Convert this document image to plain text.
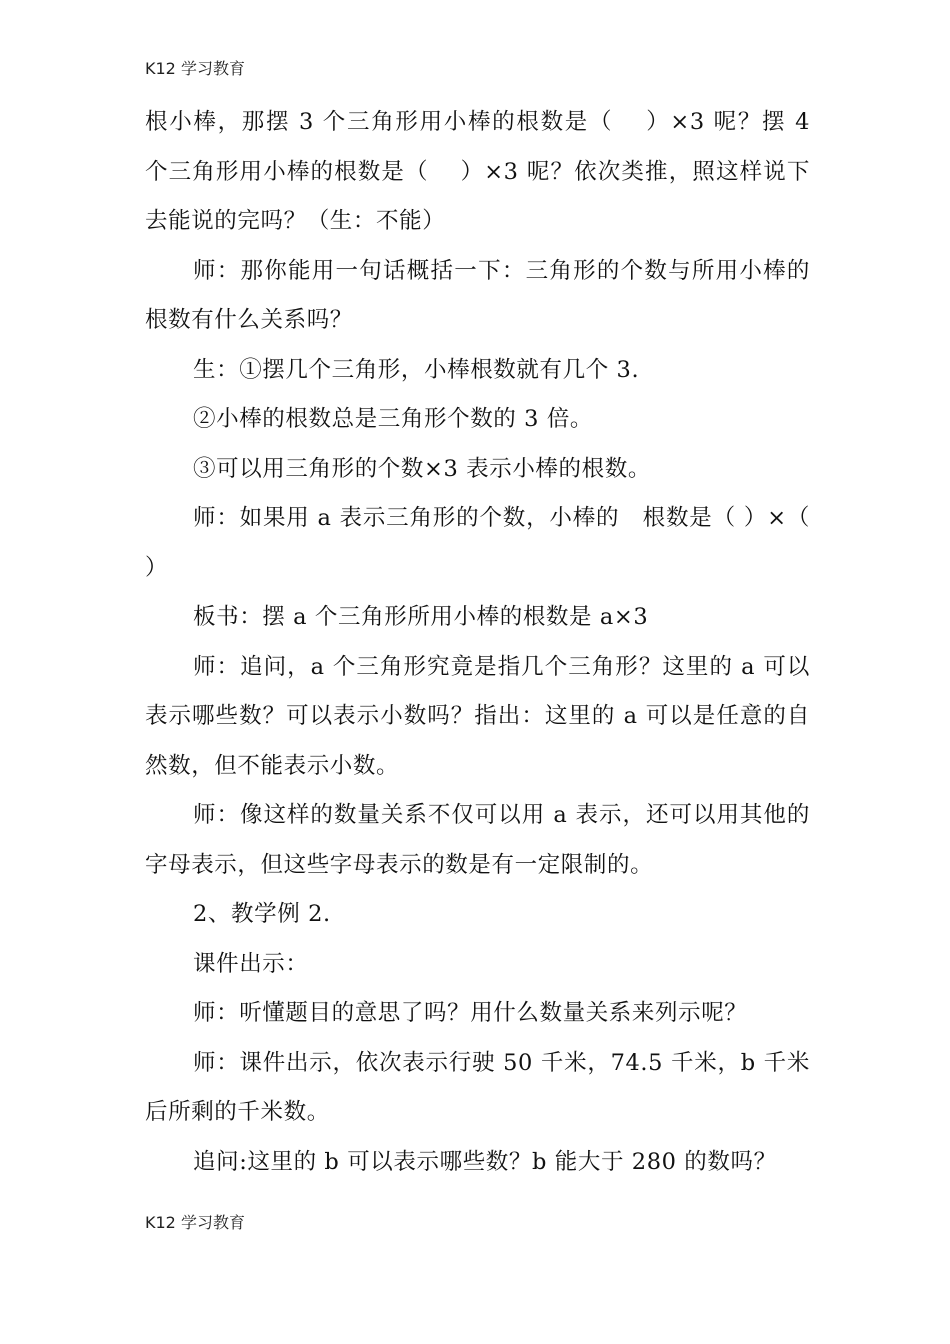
K12 学习教育

根小棒，那摆 3 个三角形用小棒的根数是（　 ）×3 呢？摆 4 个三角形用小棒的根数是（　 ）×3 呢？依次类推，照这样说下去能说的完吗？（生：不能）

师：那你能用一句话概括一下：三角形的个数与所用小棒的根数有什么关系吗？

生：①摆几个三角形，小棒根数就有几个 3.

②小棒的根数总是三角形个数的 3 倍。

③可以用三角形的个数×3 表示小棒的根数。

师：如果用 a 表示三角形的个数，小棒的　根数是（ ）×（　 ）

板书：摆 a 个三角形所用小棒的根数是 a×3

师：追问，a 个三角形究竟是指几个三角形？这里的 a 可以表示哪些数？可以表示小数吗？指出：这里的 a 可以是任意的自然数，但不能表示小数。

师：像这样的数量关系不仅可以用 a 表示，还可以用其他的字母表示，但这些字母表示的数是有一定限制的。

2、教学例 2.

课件出示：

师：听懂题目的意思了吗？用什么数量关系来列示呢？

师：课件出示，依次表示行驶 50 千米，74.5 千米，b 千米后所剩的千米数。

追问:这里的 b 可以表示哪些数？b 能大于 280 的数吗？

K12 学习教育
